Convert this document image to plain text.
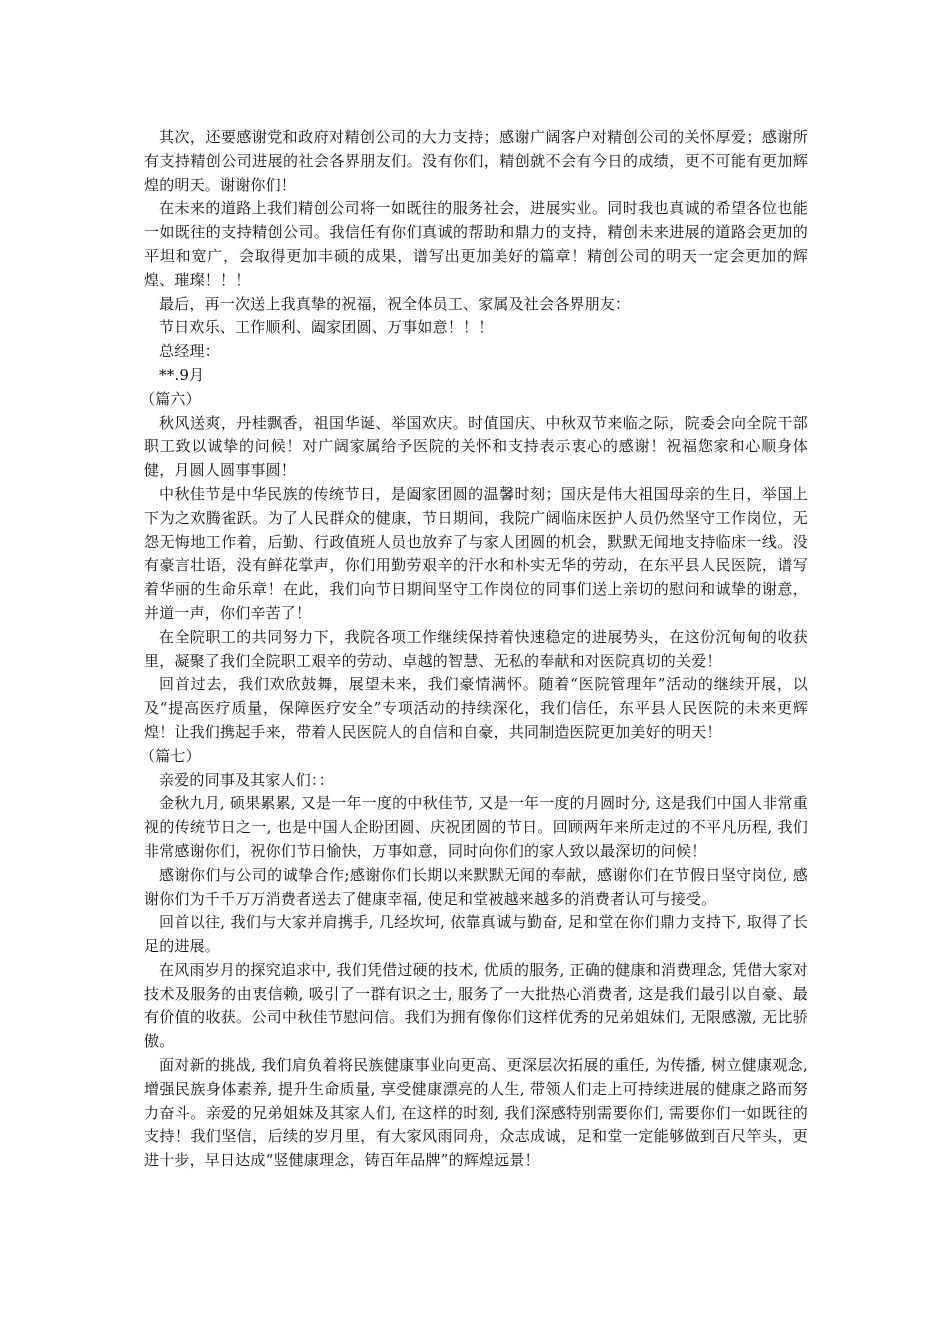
其次，还要感谢党和政府对精创公司的大力支持；感谢广阔客户对精创公司的关怀厚爱；感谢所有支持精创公司进展的社会各界朋友们。没有你们，精创就不会有今日的成绩，更不可能有更加辉煌的明天。谢谢你们！

在未来的道路上我们精创公司将一如既往的服务社会，进展实业。同时我也真诚的希望各位也能一如既往的支持精创公司。我信任有你们真诚的帮助和鼎力的支持，精创未来进展的道路会更加的平坦和宽广，会取得更加丰硕的成果，谱写出更加美好的篇章！精创公司的明天一定会更加的辉煌、璀璨！！！

最后，再一次送上我真挚的祝福，祝全体员工、家属及社会各界朋友：

节日欢乐、工作顺利、阖家团圆、万事如意！！！

总经理：

**.9月

（篇六）

秋风送爽，丹桂飘香，祖国华诞、举国欢庆。时值国庆、中秋双节来临之际，院委会向全院干部职工致以诚挚的问候！对广阔家属给予医院的关怀和支持表示衷心的感谢！祝福您家和心顺身体健，月圆人圆事事圆！

中秋佳节是中华民族的传统节日，是阖家团圆的温馨时刻；国庆是伟大祖国母亲的生日，举国上下为之欢腾雀跃。为了人民群众的健康，节日期间，我院广阔临床医护人员仍然坚守工作岗位，无怨无悔地工作着，后勤、行政值班人员也放弃了与家人团圆的机会，默默无闻地支持临床一线。没有豪言壮语，没有鲜花掌声，你们用勤劳艰辛的汗水和朴实无华的劳动，在东平县人民医院，谱写着华丽的生命乐章！在此，我们向节日期间坚守工作岗位的同事们送上亲切的慰问和诚挚的谢意，并道一声，你们辛苦了！

在全院职工的共同努力下，我院各项工作继续保持着快速稳定的进展势头，在这份沉甸甸的收获里，凝聚了我们全院职工艰辛的劳动、卓越的智慧、无私的奉献和对医院真切的关爱！

回首过去，我们欢欣鼓舞，展望未来，我们豪情满怀。随着“医院管理年”活动的继续开展，以及“提高医疗质量，保障医疗安全”专项活动的持续深化，我们信任，东平县人民医院的未来更辉煌！让我们携起手来，带着人民医院人的自信和自豪，共同制造医院更加美好的明天！

（篇七）

亲爱的同事及其家人们：：

金秋九月, 硕果累累, 又是一年一度的中秋佳节, 又是一年一度的月圆时分, 这是我们中国人非常重视的传统节日之一, 也是中国人企盼团圆、庆祝团圆的节日。回顾两年来所走过的不平凡历程, 我们非常感谢你们，祝你们节日愉快，万事如意，同时向你们的家人致以最深切的问候！

感谢你们与公司的诚挚合作;感谢你们长期以来默默无闻的奉献，感谢你们在节假日坚守岗位, 感谢你们为千千万万消费者送去了健康幸福, 使足和堂被越来越多的消费者认可与接受。

回首以往, 我们与大家并肩携手, 几经坎坷, 依靠真诚与勤奋, 足和堂在你们鼎力支持下, 取得了长足的进展。

在风雨岁月的探究追求中, 我们凭借过硬的技术, 优质的服务, 正确的健康和消费理念, 凭借大家对技术及服务的由衷信赖, 吸引了一群有识之士, 服务了一大批热心消费者, 这是我们最引以自豪、最有价值的收获。公司中秋佳节慰问信。我们为拥有像你们这样优秀的兄弟姐妹们, 无限感激, 无比骄傲。

面对新的挑战, 我们肩负着将民族健康事业向更高、更深层次拓展的重任, 为传播, 树立健康观念, 增强民族身体素养, 提升生命质量, 享受健康漂亮的人生, 带领人们走上可持续进展的健康之路而努力奋斗。亲爱的兄弟姐妹及其家人们, 在这样的时刻, 我们深感特别需要你们, 需要你们一如既往的支持！我们坚信，后续的岁月里，有大家风雨同舟，众志成诚，足和堂一定能够做到百尺竿头，更进十步，早日达成“竖健康理念，铸百年品牌”的辉煌远景！
